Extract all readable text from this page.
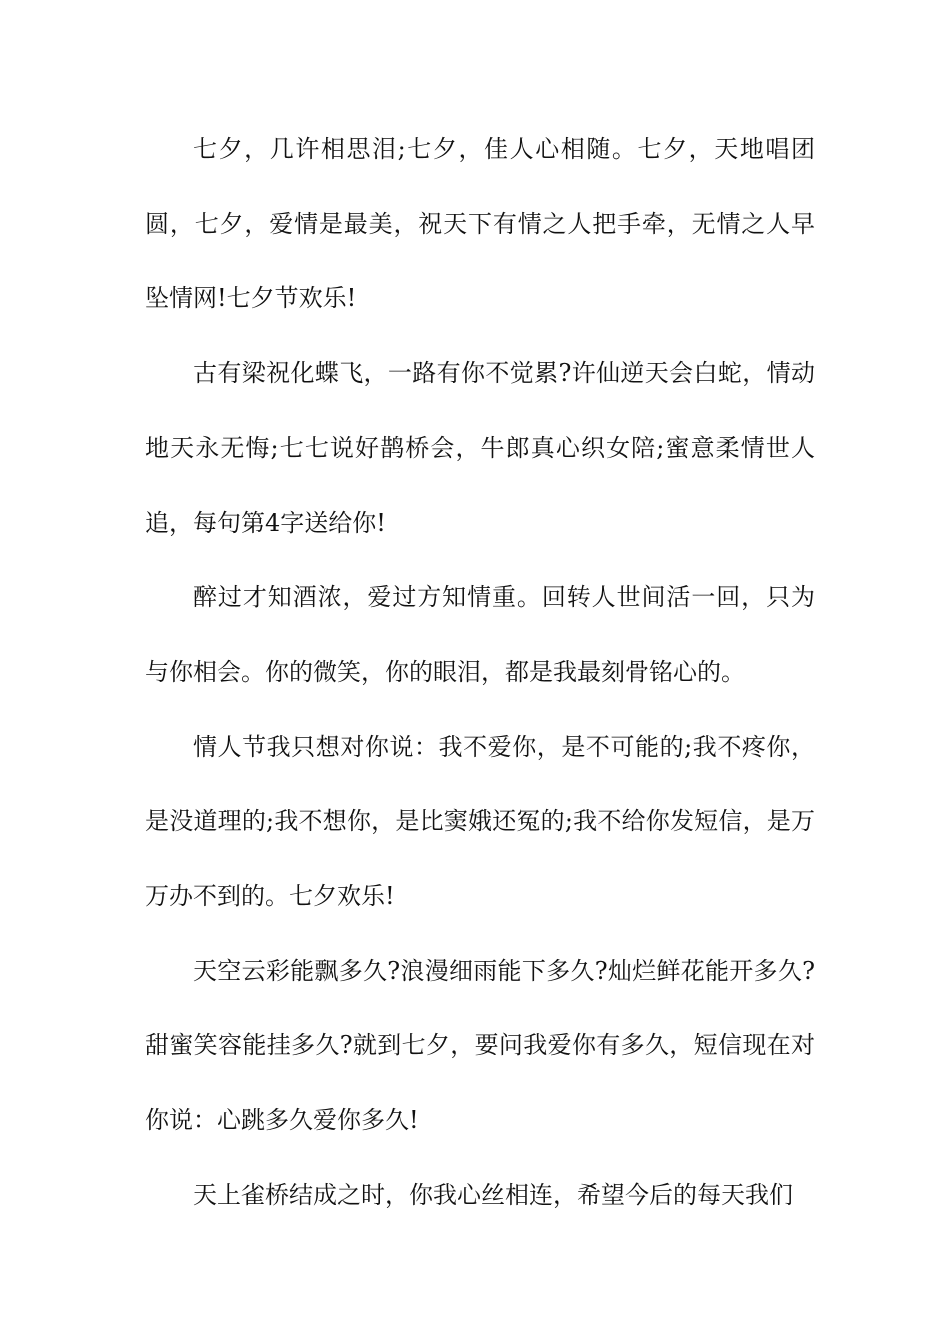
七夕，几许相思泪;七夕，佳人心相随。七夕，天地唱团圆，七夕，爱情是最美，祝天下有情之人把手牵，无情之人早坠情网!七夕节欢乐!

古有梁祝化蝶飞，一路有你不觉累?许仙逆天会白蛇，情动地天永无悔;七七说好鹊桥会，牛郎真心织女陪;蜜意柔情世人追，每句第4字送给你!

醉过才知酒浓，爱过方知情重。回转人世间活一回，只为与你相会。你的微笑，你的眼泪，都是我最刻骨铭心的。

情人节我只想对你说：我不爱你，是不可能的;我不疼你，是没道理的;我不想你，是比窦娥还冤的;我不给你发短信，是万万办不到的。七夕欢乐!

天空云彩能飘多久?浪漫细雨能下多久?灿烂鲜花能开多久?甜蜜笑容能挂多久?就到七夕，要问我爱你有多久，短信现在对你说：心跳多久爱你多久!

天上雀桥结成之时，你我心丝相连，希望今后的每天我们
